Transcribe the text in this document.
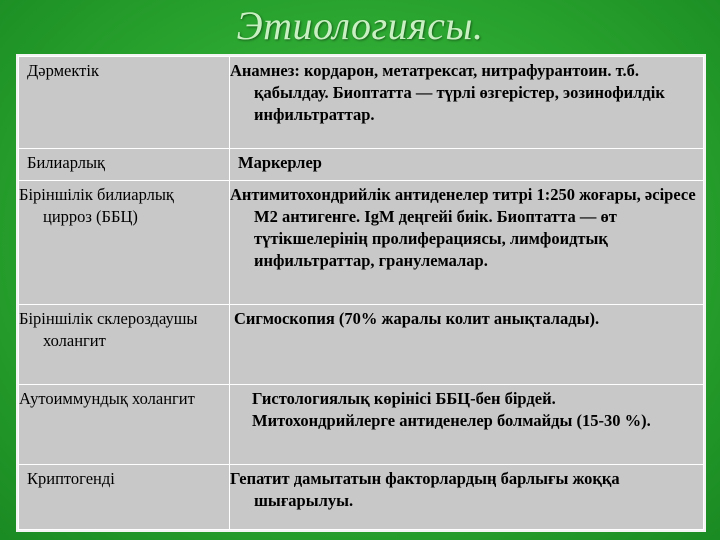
Этиологиясы.
Дәрмектік	Анамнез: кордарон, метатрексат, нитрафурантоин. т.б. қабылдау. Биоптатта — түрлі өзгерістер, эозинофилдік инфильтраттар.
Билиарлық	Маркерлер
Біріншілік билиарлық цирроз (ББЦ)	Антимитохондрийлік антиденелер титрі 1:250 жоғары, әсіресе М2 антигенге. IgM деңгейі биік. Биоптатта — өт түтікшелерінің пролиферациясы, лимфоидтық инфильтраттар, гранулемалар.
Біріншілік склероздаушы холангит	Сигмоскопия (70% жаралы колит анықталады).
Аутоиммундық холангит	Гистологиялық көрінісі ББЦ-бен бірдей. Митохондрийлерге антиденелер болмайды (15-30 %).
Криптогенді	Гепатит дамытатын факторлардың барлығы жоққа шығарылуы.
